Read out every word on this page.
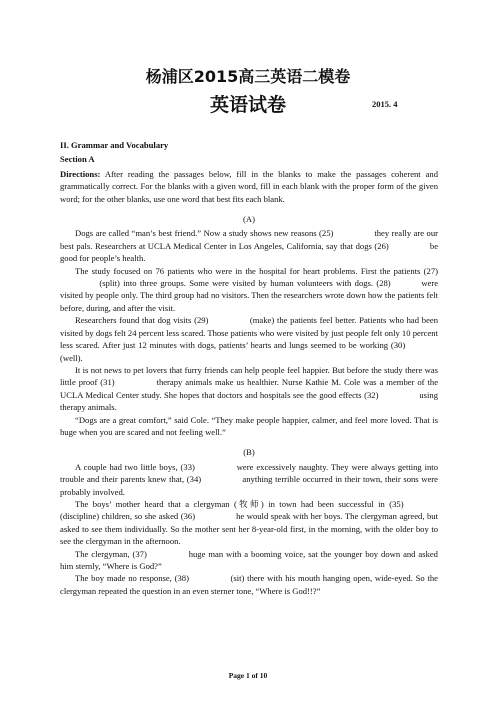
杨浦区2015高三英语二模卷
英语试卷	2015. 4

II. Grammar and Vocabulary

Section A

Directions: After reading the passages below, fill in the blanks to make the passages coherent and grammatically correct. For the blanks with a given word, fill in each blank with the proper form of the given word; for the other blanks, use one word that best fits each blank.

(A)

Dogs are called “man’s best friend.” Now a study shows new reasons (25)	they really are our best pals. Researchers at UCLA Medical Center in Los Angeles, California, say that dogs (26)	be good for people’s health.

The study focused on 76 patients who were in the hospital for heart problems. First the patients (27)  (split) into three groups. Some were visited by human volunteers with dogs. (28)	were visited by people only. The third group had no visitors. Then the researchers wrote down how the patients felt before, during, and after the visit.

Researchers found that dog visits (29)	(make) the patients feel better. Patients who had been visited by dogs felt 24 percent less scared. Those patients who were visited by just people felt only 10 percent less scared. After just 12 minutes with dogs, patients’ hearts and lungs seemed to be working (30)  (well).

It is not news to pet lovers that furry friends can help people feel happier. But before the study there was little proof (31)	therapy animals make us healthier. Nurse Kathie M. Cole was a member of the UCLA Medical Center study. She hopes that doctors and hospitals see the good effects (32)	using therapy animals.

“Dogs are a great comfort,” said Cole. “They make people happier, calmer, and feel more loved. That is huge when you are scared and not feeling well.”

(B)

A couple had two little boys, (33)	were excessively naughty. They were always getting into trouble and their parents knew that, (34)	anything terrible occurred in their town, their sons were probably involved.

The boys’ mother heard that a clergyman (牧师) in town had been successful in (35)  (discipline) children, so she asked (36)	he would speak with her boys. The clergyman agreed, but asked to see them individually. So the mother sent her 8-year-old first, in the morning, with the older boy to see the clergyman in the afternoon.

The clergyman, (37)	huge man with a booming voice, sat the younger boy down and asked him sternly, “Where is God?”

The boy made no response, (38)	(sit) there with his mouth hanging open, wide-eyed. So the clergyman repeated the question in an even sterner tone, “Where is God!!?”

Page 1 of 10
